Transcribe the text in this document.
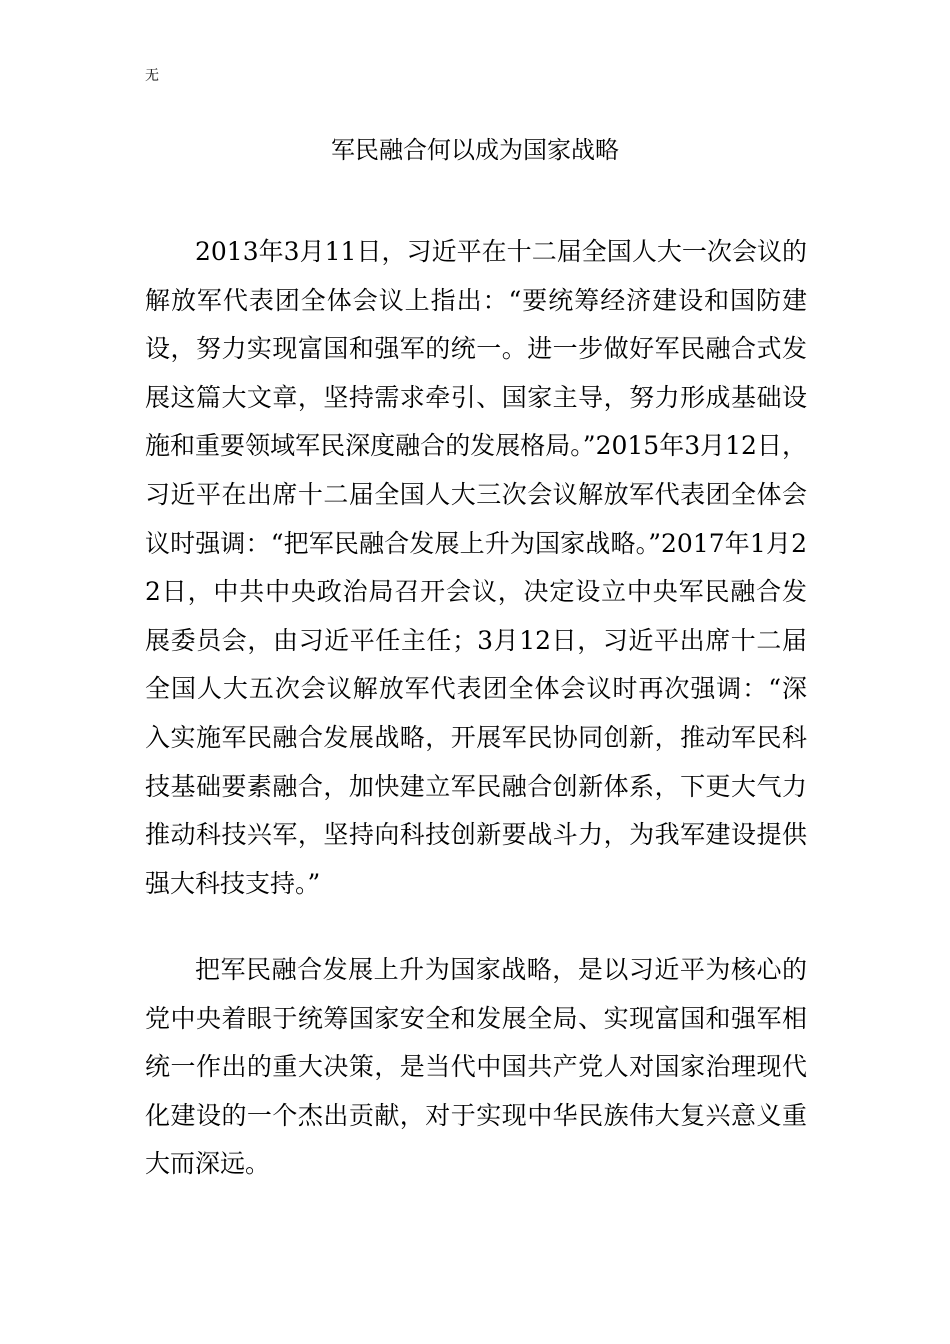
无
军民融合何以成为国家战略

2013年3月11日，习近平在十二届全国人大一次会议的解放军代表团全体会议上指出：“要统筹经济建设和国防建设，努力实现富国和强军的统一。进一步做好军民融合式发展这篇大文章，坚持需求牵引、国家主导，努力形成基础设施和重要领域军民深度融合的发展格局。”2015年3月12日，习近平在出席十二届全国人大三次会议解放军代表团全体会议时强调：“把军民融合发展上升为国家战略。”2017年1月22日，中共中央政治局召开会议，决定设立中央军民融合发展委员会，由习近平任主任；3月12日，习近平出席十二届全国人大五次会议解放军代表团全体会议时再次强调：“深入实施军民融合发展战略，开展军民协同创新，推动军民科技基础要素融合，加快建立军民融合创新体系，下更大气力推动科技兴军，坚持向科技创新要战斗力，为我军建设提供强大科技支持。”

把军民融合发展上升为国家战略，是以习近平为核心的党中央着眼于统筹国家安全和发展全局、实现富国和强军相统一作出的重大决策，是当代中国共产党人对国家治理现代化建设的一个杰出贡献，对于实现中华民族伟大复兴意义重大而深远。
